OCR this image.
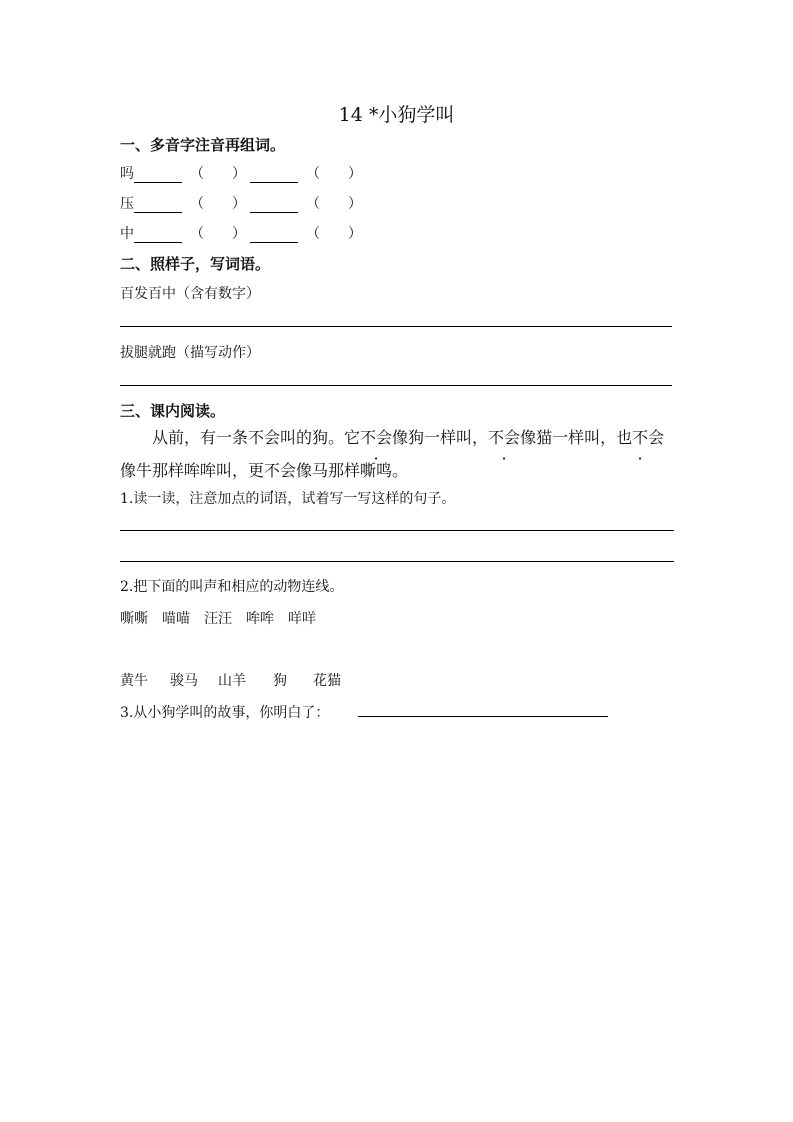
14 *小狗学叫
一、多音字注音再组词。
吗	（ ）	（ ）
压	（ ）	（ ）
中	（ ）	（ ）
二、照样子，写词语。
百发百中（含有数字）
拔腿就跑（描写动作）
三、课内阅读。
从前，有一条不会叫的狗。它不会像狗一样叫，不会像猫一样叫，也不会像牛那样哞哞叫，更不会像马那样嘶鸣。
1.读一读，注意加点的词语，试着写一写这样的句子。
2.把下面的叫声和相应的动物连线。
嘶嘶 喵喵 汪汪 哞哞 咩咩
黄牛 骏马 山羊 狗 花猫
3.从小狗学叫的故事，你明白了：
